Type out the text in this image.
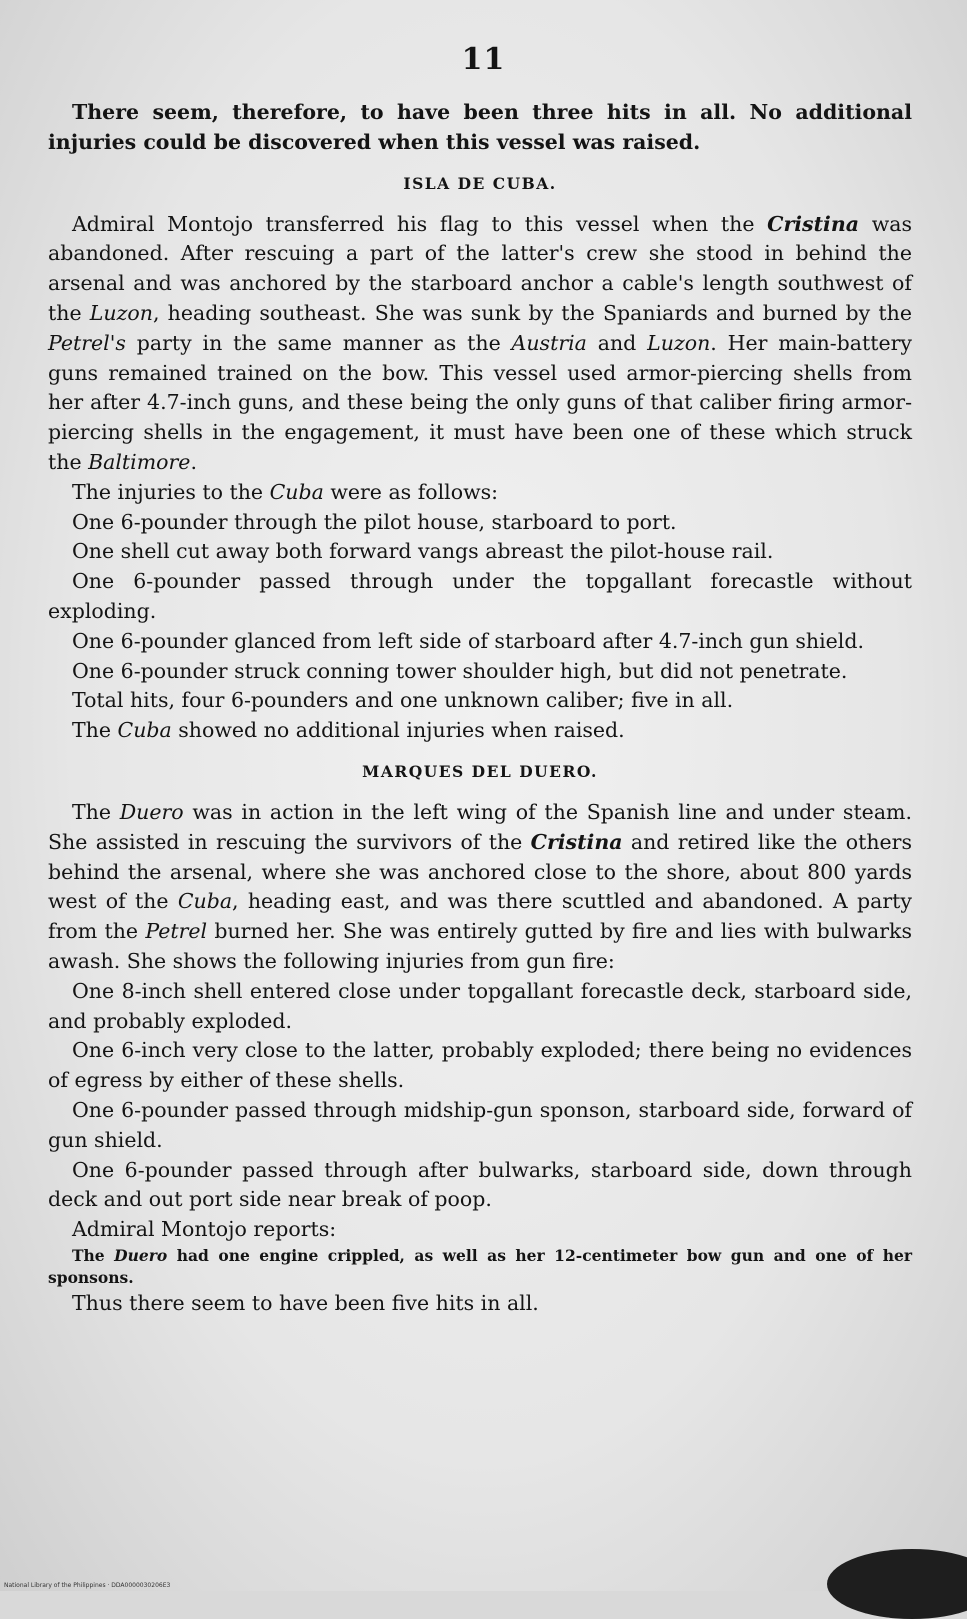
11

There seem, therefore, to have been three hits in all. No additional injuries could be discovered when this vessel was raised.

ISLA DE CUBA.

Admiral Montojo transferred his flag to this vessel when the Cristina was abandoned. After rescuing a part of the latter's crew she stood in behind the arsenal and was anchored by the starboard anchor a cable's length southwest of the Luzon, heading southeast. She was sunk by the Spaniards and burned by the Petrel's party in the same manner as the Austria and Luzon. Her main-battery guns remained trained on the bow. This vessel used armor-piercing shells from her after 4.7-inch guns, and these being the only guns of that caliber firing armor-piercing shells in the engagement, it must have been one of these which struck the Baltimore.

The injuries to the Cuba were as follows:

One 6-pounder through the pilot house, starboard to port.

One shell cut away both forward vangs abreast the pilot-house rail.

One 6-pounder passed through under the topgallant forecastle without exploding.

One 6-pounder glanced from left side of starboard after 4.7-inch gun shield.

One 6-pounder struck conning tower shoulder high, but did not penetrate.

Total hits, four 6-pounders and one unknown caliber; five in all.

The Cuba showed no additional injuries when raised.

MARQUES DEL DUERO.

The Duero was in action in the left wing of the Spanish line and under steam. She assisted in rescuing the survivors of the Cristina and retired like the others behind the arsenal, where she was anchored close to the shore, about 800 yards west of the Cuba, heading east, and was there scuttled and abandoned. A party from the Petrel burned her. She was entirely gutted by fire and lies with bulwarks awash. She shows the following injuries from gun fire:

One 8-inch shell entered close under topgallant forecastle deck, starboard side, and probably exploded.

One 6-inch very close to the latter, probably exploded; there being no evidences of egress by either of these shells.

One 6-pounder passed through midship-gun sponson, starboard side, forward of gun shield.

One 6-pounder passed through after bulwarks, starboard side, down through deck and out port side near break of poop.

Admiral Montojo reports:

The Duero had one engine crippled, as well as her 12-centimeter bow gun and one of her sponsons.

Thus there seem to have been five hits in all.

National Library of the Philippines · DDA0000030206E3
